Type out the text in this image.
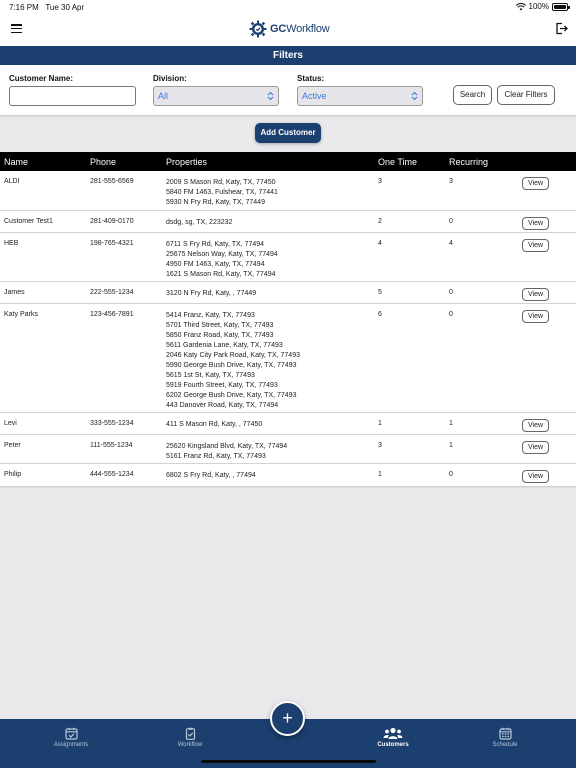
7:16 PM Tue 30 Apr	100%
GCWorkflow
Filters
Customer Name:	Division:
All
Status:
Active	Search	Clear Filters
Add Customer
Name	Phone	Properties	One Time	Recurring
ALDI	281-555-6569	2009 S Mason Rd, Katy, TX, 77450
5840 FM 1463, Fulshear, TX, 77441
5930 N Fry Rd, Katy, TX, 77449
3	3	View
Customer Test1	281-409-0170	dsdg, sg, TX, 223232	2	0	View
HEB	198-765-4321	6711 S Fry Rd, Katy, TX, 77494
25675 Nelson Way, Katy, TX, 77494
4950 FM 1463, Katy, TX, 77494
1621 S Mason Rd, Katy, TX, 77494
4	4	View
James	222-555-1234	3120 N Fry Rd, Katy, , 77449	5	0	View
Katy Parks	123-456-7891	5414 Franz, Katy, TX, 77493
5701 Third Street, Katy, TX, 77493
5850 Franz Road, Katy, TX, 77493
5611 Gardenia Lane, Katy, TX, 77493
2046 Katy City Park Road, Katy, TX, 77493
5990 George Bush Drive, Katy, TX, 77493
5615 1st St, Katy, TX, 77493
5919 Fourth Street, Katy, TX, 77493
6202 George Bush Drive, Katy, TX, 77493
443 Danover Road, Katy, TX, 77494
6	0	View
Levi	333-555-1234	411 S Mason Rd, Katy, , 77450	1	1	View
Peter	111-555-1234	25620 Kingsland Blvd, Katy, TX, 77494
5161 Franz Rd, Katy, TX, 77493
3	1	View
Philip	444-555-1234	6802 S Fry Rd, Katy, , 77494	1	0	View
Assignments	Workflow	Customers	Schedule
+
